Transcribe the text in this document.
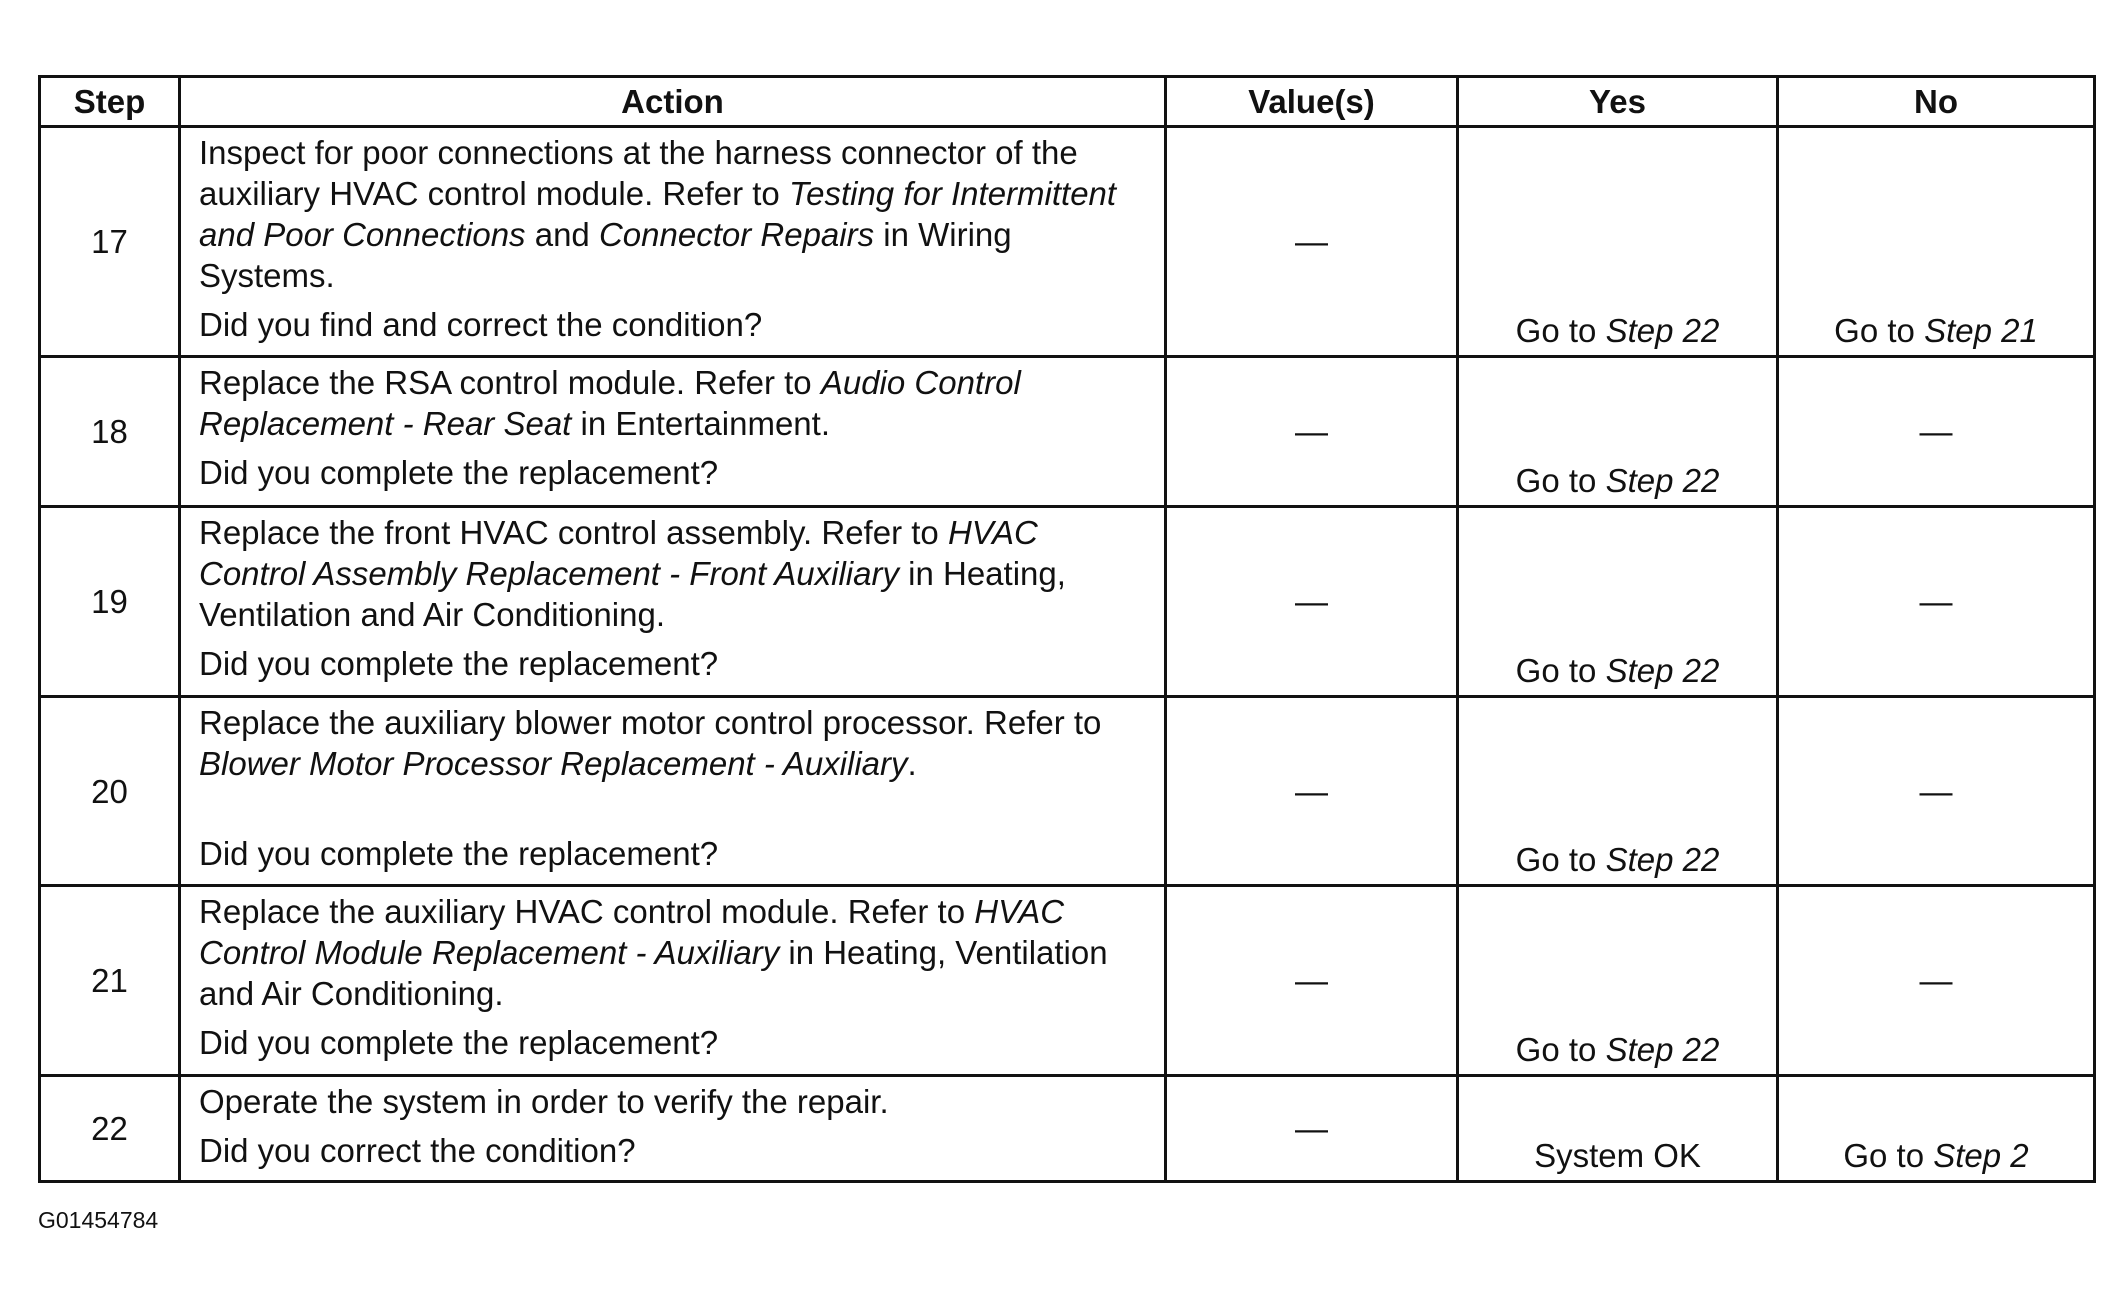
Step	Action	Value(s)	Yes	No
17	Inspect for poor connections at the harness connector of the auxiliary HVAC control module. Refer to Testing for Intermittent and Poor Connections and Connector Repairs in Wiring Systems.
Did you find and correct the condition?	—	Go to Step 22	Go to Step 21
18	Replace the RSA control module. Refer to Audio Control Replacement - Rear Seat in Entertainment.
Did you complete the replacement?	—	Go to Step 22	—
19	Replace the front HVAC control assembly. Refer to HVAC Control Assembly Replacement - Front Auxiliary in Heating, Ventilation and Air Conditioning.
Did you complete the replacement?	—	Go to Step 22	—
20	Replace the auxiliary blower motor control processor. Refer to Blower Motor Processor Replacement - Auxiliary.
Did you complete the replacement?	—	Go to Step 22	—
21	Replace the auxiliary HVAC control module. Refer to HVAC Control Module Replacement - Auxiliary in Heating, Ventilation and Air Conditioning.
Did you complete the replacement?	—	Go to Step 22	—
22	Operate the system in order to verify the repair.
Did you correct the condition?	—	System OK	Go to Step 2
G01454784
